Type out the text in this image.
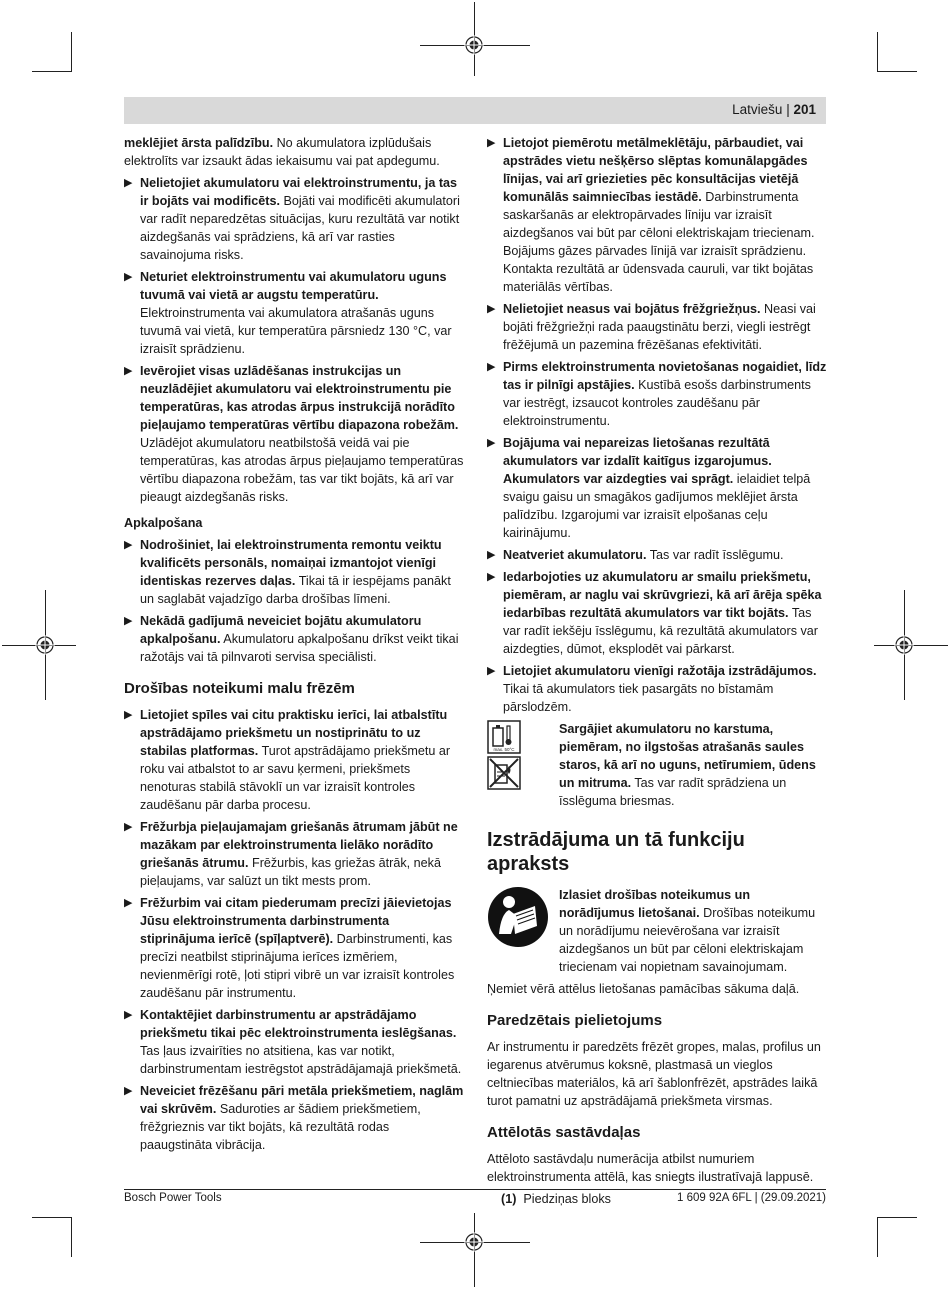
Latviešu | 201

meklējiet ārsta palīdzību. No akumulatora izplūdušais elektrolīts var izsaukt ādas iekaisumu vai pat apdegumu.

▶ Nelietojiet akumulatoru vai elektroinstrumentu, ja tas ir bojāts vai modificēts. Bojāti vai modificēti akumulatori var radīt neparedzētas situācijas, kuru rezultātā var notikt aizdegšanās vai sprādziens, kā arī var rasties savainojuma risks.
▶ Neturiet elektroinstrumentu vai akumulatoru uguns tuvumā vai vietā ar augstu temperatūru. Elektroinstrumenta vai akumulatora atrašanās uguns tuvumā vai vietā, kur temperatūra pārsniedz 130 °C, var izraisīt sprādzienu.
▶ Ievērojiet visas uzlādēšanas instrukcijas un neuzlādējiet akumulatoru vai elektroinstrumentu pie temperatūras, kas atrodas ārpus instrukcijā norādīto pieļaujamo temperatūras vērtību diapazona robežām. Uzlādējot akumulatoru neatbilstošā veidā vai pie temperatūras, kas atrodas ārpus pieļaujamo temperatūras vērtību diapazona robežām, tas var tikt bojāts, kā arī var pieaugt aizdegšanās risks.
Apkalpošana
▶ Nodrošiniet, lai elektroinstrumenta remontu veiktu kvalificēts personāls, nomaiņai izmantojot vienīgi identiskas rezerves daļas. Tikai tā ir iespējams panākt un saglabāt vajadzīgo darba drošības līmeni.
▶ Nekādā gadījumā neveiciet bojātu akumulatoru apkalpošanu. Akumulatoru apkalpošanu drīkst veikt tikai ražotājs vai tā pilnvaroti servisa speciālisti.
Drošības noteikumi malu frēzēm
▶ Lietojiet spīles vai citu praktisku ierīci, lai atbalstītu apstrādājamo priekšmetu un nostiprinātu to uz stabilas platformas. Turot apstrādājamo priekšmetu ar roku vai atbalstot to ar savu ķermeni, priekšmets nenoturas stabilā stāvoklī un var izraisīt kontroles zaudēšanu pār darba procesu.
▶ Frēžurbja pieļaujamajam griešanās ātrumam jābūt ne mazākam par elektroinstrumenta lielāko norādīto griešanās ātrumu. Frēžurbis, kas griežas ātrāk, nekā pieļaujams, var salūzt un tikt mests prom.
▶ Frēžurbim vai citam piederumam precīzi jāievietojas Jūsu elektroinstrumenta darbinstrumenta stiprinājuma ierīcē (spīļaptverē). Darbinstrumenti, kas precīzi neatbilst stiprinājuma ierīces izmēriem, nevienmērīgi rotē, ļoti stipri vibrē un var izraisīt kontroles zaudēšanu pār instrumentu.
▶ Kontaktējiet darbinstrumentu ar apstrādājamo priekšmetu tikai pēc elektroinstrumenta ieslēgšanas. Tas ļaus izvairīties no atsitiena, kas var notikt, darbinstrumentam iestrēgstot apstrādājamajā priekšmetā.
▶ Neveiciet frēzēšanu pāri metāla priekšmetiem, naglām vai skrūvēm. Saduroties ar šādiem priekšmetiem, frēžgrieznis var tikt bojāts, kā rezultātā rodas paaugstināta vibrācija.
▶ Lietojot piemērotu metālmeklētāju, pārbaudiet, vai apstrādes vietu nešķērso slēptas komunālapgādes līnijas, vai arī griezieties pēc konsultācijas vietējā komunālās saimniecības iestādē. Darbinstrumenta saskaršanās ar elektropārvades līniju var izraisīt aizdegšanos vai būt par cēloni elektriskajam triecienam. Bojājums gāzes pārvades līnijā var izraisīt sprādzienu. Kontakta rezultātā ar ūdensvada cauruli, var tikt bojātas materiālās vērtības.
▶ Nelietojiet neasus vai bojātus frēžgriežņus. Neasi vai bojāti frēžgriežņi rada paaugstinātu berzi, viegli iestrēgt frēžējumā un pazemina frēzēšanas efektivitāti.
▶ Pirms elektroinstrumenta novietošanas nogaidiet, līdz tas ir pilnīgi apstājies. Kustībā esošs darbinstruments var iestrēgt, izsaucot kontroles zaudēšanu pār elektroinstrumentu.
▶ Bojājuma vai nepareizas lietošanas rezultātā akumulators var izdalīt kaitīgus izgarojumus. Akumulators var aizdegties vai sprāgt. ielaidiet telpā svaigu gaisu un smagākos gadījumos meklējiet ārsta palīdzību. Izgarojumi var izraisīt elpošanas ceļu kairinājumu.
▶ Neatveriet akumulatoru. Tas var radīt īsslēgumu.
▶ Iedarbojoties uz akumulatoru ar smailu priekšmetu, piemēram, ar naglu vai skrūvgriezi, kā arī ārēja spēka iedarbības rezultātā akumulators var tikt bojāts. Tas var radīt iekšēju īsslēgumu, kā rezultātā akumulators var aizdegties, dūmot, eksplodēt vai pārkarst.
▶ Lietojiet akumulatoru vienīgi ražotāja izstrādājumos. Tikai tā akumulators tiek pasargāts no bīstamām pārslodzēm.
max. 50°C
Sargājiet akumulatoru no karstuma, piemēram, no ilgstošas atrašanās saules staros, kā arī no uguns, netīrumiem, ūdens un mitruma. Tas var radīt sprādziena un īsslēguma briesmas.
Izstrādājuma un tā funkciju apraksts
Izlasiet drošības noteikumus un norādījumus lietošanai. Drošības noteikumu un norādījumu neievērošana var izraisīt aizdegšanos un būt par cēloni elektriskajam triecienam vai nopietnam savainojumam.

Ņemiet vērā attēlus lietošanas pamācības sākuma daļā.

Paredzētais pielietojums

Ar instrumentu ir paredzēts frēzēt gropes, malas, profilus un iegarenus atvērumus koksnē, plastmasā un vieglos celtniecības materiālos, kā arī šablonfrēzēt, apstrādes laikā turot pamatni uz apstrādājamā priekšmeta virsmas.

Attēlotās sastāvdaļas

Attēloto sastāvdaļu numerācija atbilst numuriem elektroinstrumenta attēlā, kas sniegts ilustratīvajā lappusē.

(1) Piedziņas bloks

Bosch Power Tools	1 609 92A 6FL | (29.09.2021)
